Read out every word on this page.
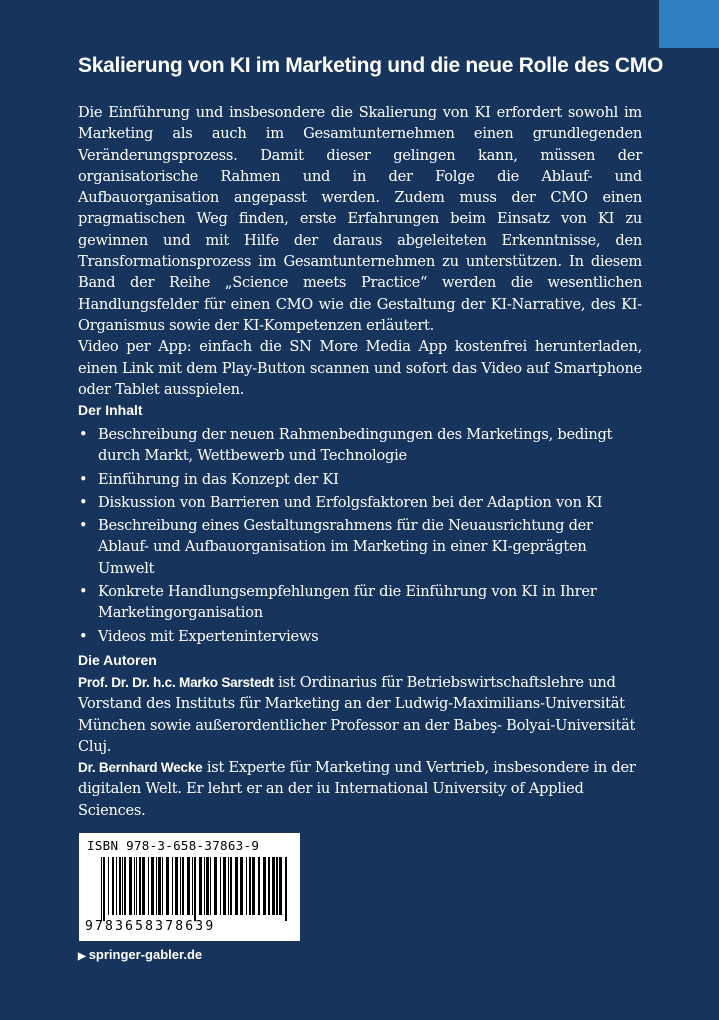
Skalierung von KI im Marketing und die neue Rolle des CMO

Die Einführung und insbesondere die Skalierung von KI erfordert sowohl im Marketing als auch im Gesamtunternehmen einen grundlegenden Veränderungsprozess. Damit dieser gelingen kann, müssen der organisatorische Rahmen und in der Folge die Ablauf- und Aufbauorganisation angepasst werden. Zudem muss der CMO einen pragmatischen Weg finden, erste Erfahrungen beim Einsatz von KI zu gewinnen und mit Hilfe der daraus abgeleiteten Erkenntnisse, den Transformationsprozess im Gesamtunternehmen zu unterstützen. In diesem Band der Reihe „Science meets Practice“ werden die wesentlichen Handlungsfelder für einen CMO wie die Gestaltung der KI-Narrative, des KI- Organismus sowie der KI-Kompetenzen erläutert.

Video per App: einfach die SN More Media App kostenfrei herunterladen, einen Link mit dem Play-Button scannen und sofort das Video auf Smartphone oder Tablet ausspielen.

Der Inhalt
• Beschreibung der neuen Rahmenbedingungen des Marketings, bedingt durch Markt, Wettbewerb und Technologie
• Einführung in das Konzept der KI
• Diskussion von Barrieren und Erfolgsfaktoren bei der Adaption von KI
• Beschreibung eines Gestaltungsrahmens für die Neuausrichtung der Ablauf- und Aufbauorganisation im Marketing in einer KI-geprägten Umwelt
• Konkrete Handlungsempfehlungen für die Einführung von KI in Ihrer Marketingorganisation
• Videos mit Experteninterviews
Die Autoren
Prof. Dr. Dr. h.c. Marko Sarstedt ist Ordinarius für Betriebswirtschaftslehre und Vorstand des Instituts für Marketing an der Ludwig-Maximilians-Universität München sowie außerordentlicher Professor an der Babeş- Bolyai-Universität Cluj.
Dr. Bernhard Wecke ist Experte für Marketing und Vertrieb, insbesondere in der digitalen Welt. Er lehrt er an der iu International University of Applied Sciences.
ISBN 978-3-658-37863-9
9783658378639
▶ springer-gabler.de
